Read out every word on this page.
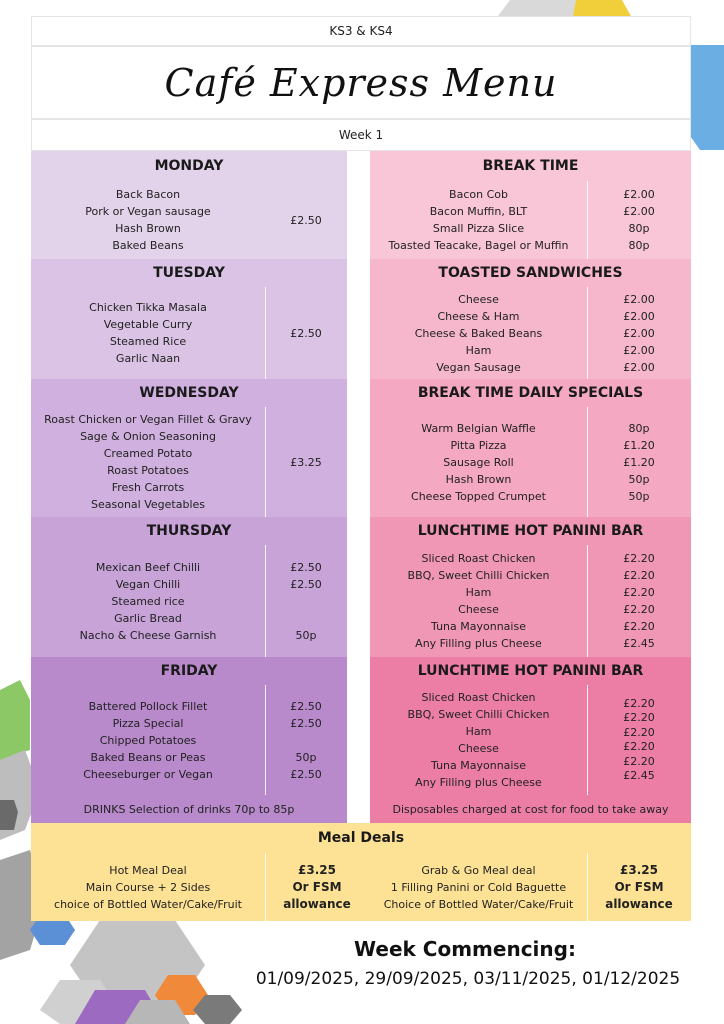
KS3 & KS4
Café Express Menu
Week 1
MONDAY
Back Bacon
Pork or Vegan sausage
Hash Brown
Baked Beans
£2.50
TUESDAY
Chicken Tikka Masala
Vegetable Curry
Steamed Rice
Garlic Naan
£2.50
WEDNESDAY
Roast Chicken or Vegan Fillet & Gravy
Sage & Onion Seasoning
Creamed Potato
Roast Potatoes
Fresh Carrots
Seasonal Vegetables
£3.25
THURSDAY
Mexican Beef Chilli
Vegan Chilli
Steamed rice
Garlic Bread
Nacho & Cheese Garnish
£2.50
£2.50
50p
FRIDAY
Battered Pollock Fillet
Pizza Special
Chipped Potatoes
Baked Beans or Peas
Cheeseburger or Vegan
£2.50
£2.50
50p
£2.50
DRINKS Selection of drinks 70p to 85p
BREAK TIME
Bacon Cob
Bacon Muffin, BLT
Small Pizza Slice
Toasted Teacake, Bagel or Muffin
£2.00
£2.00
80p
80p
TOASTED SANDWICHES
Cheese
Cheese & Ham
Cheese & Baked Beans
Ham
Vegan Sausage
£2.00
£2.00
£2.00
£2.00
£2.00
BREAK TIME DAILY SPECIALS
Warm Belgian Waffle
Pitta Pizza
Sausage Roll
Hash Brown
Cheese Topped Crumpet
80p
£1.20
£1.20
50p
50p
LUNCHTIME HOT PANINI BAR
Sliced Roast Chicken
BBQ, Sweet Chilli Chicken
Ham
Cheese
Tuna Mayonnaise
Any Filling plus Cheese
£2.20
£2.20
£2.20
£2.20
£2.20
£2.45
LUNCHTIME HOT PANINI BAR
Sliced Roast Chicken
BBQ, Sweet Chilli Chicken
Ham
Cheese
Tuna Mayonnaise
Any Filling plus Cheese
£2.20
£2.20
£2.20
£2.20
£2.20
£2.45
Disposables charged at cost for food to take away
Meal Deals
Hot Meal Deal
Main Course + 2 Sides
choice of Bottled Water/Cake/Fruit
£3.25
Or FSM
allowance
Grab & Go Meal deal
1 Filling Panini or Cold Baguette
Choice of Bottled Water/Cake/Fruit
£3.25
Or FSM
allowance
Week Commencing:
01/09/2025, 29/09/2025, 03/11/2025, 01/12/2025
